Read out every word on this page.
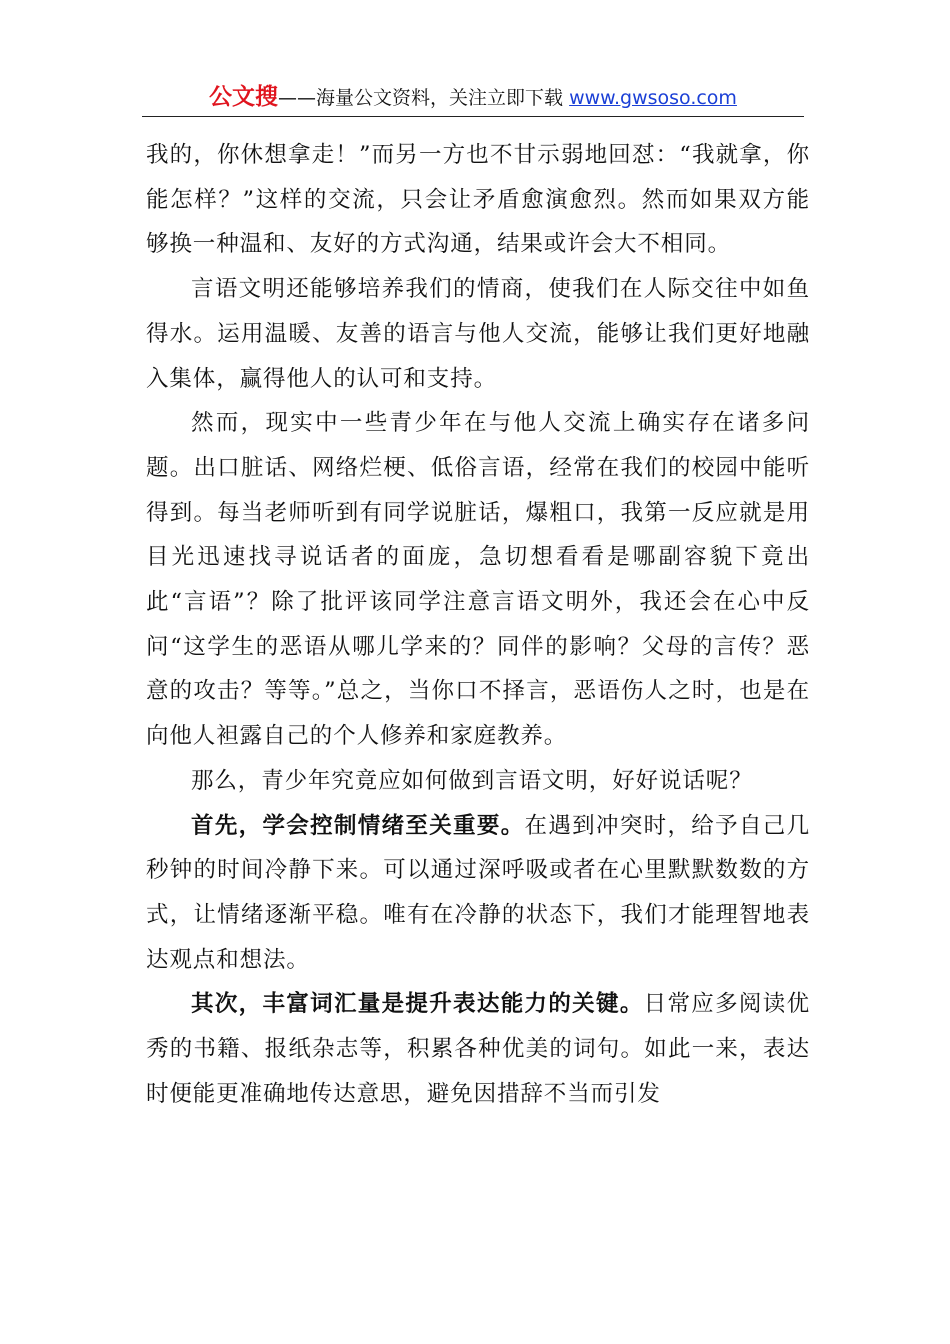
公文搜——海量公文资料，关注立即下载 www.gwsoso.com

我的，你休想拿走！”而另一方也不甘示弱地回怼：“我就拿，你能怎样？”这样的交流，只会让矛盾愈演愈烈。然而如果双方能够换一种温和、友好的方式沟通，结果或许会大不相同。

言语文明还能够培养我们的情商，使我们在人际交往中如鱼得水。运用温暖、友善的语言与他人交流，能够让我们更好地融入集体，赢得他人的认可和支持。

然而，现实中一些青少年在与他人交流上确实存在诸多问题。出口脏话、网络烂梗、低俗言语，经常在我们的校园中能听得到。每当老师听到有同学说脏话，爆粗口，我第一反应就是用目光迅速找寻说话者的面庞，急切想看看是哪副容貌下竟出此“言语”？除了批评该同学注意言语文明外，我还会在心中反问“这学生的恶语从哪儿学来的？同伴的影响？父母的言传？恶意的攻击？等等。”总之，当你口不择言，恶语伤人之时，也是在向他人袒露自己的个人修养和家庭教养。

那么，青少年究竟应如何做到言语文明，好好说话呢？

首先，学会控制情绪至关重要。在遇到冲突时，给予自己几秒钟的时间冷静下来。可以通过深呼吸或者在心里默默数数的方式，让情绪逐渐平稳。唯有在冷静的状态下，我们才能理智地表达观点和想法。

其次，丰富词汇量是提升表达能力的关键。日常应多阅读优秀的书籍、报纸杂志等，积累各种优美的词句。如此一来，表达时便能更准确地传达意思，避免因措辞不当而引发
